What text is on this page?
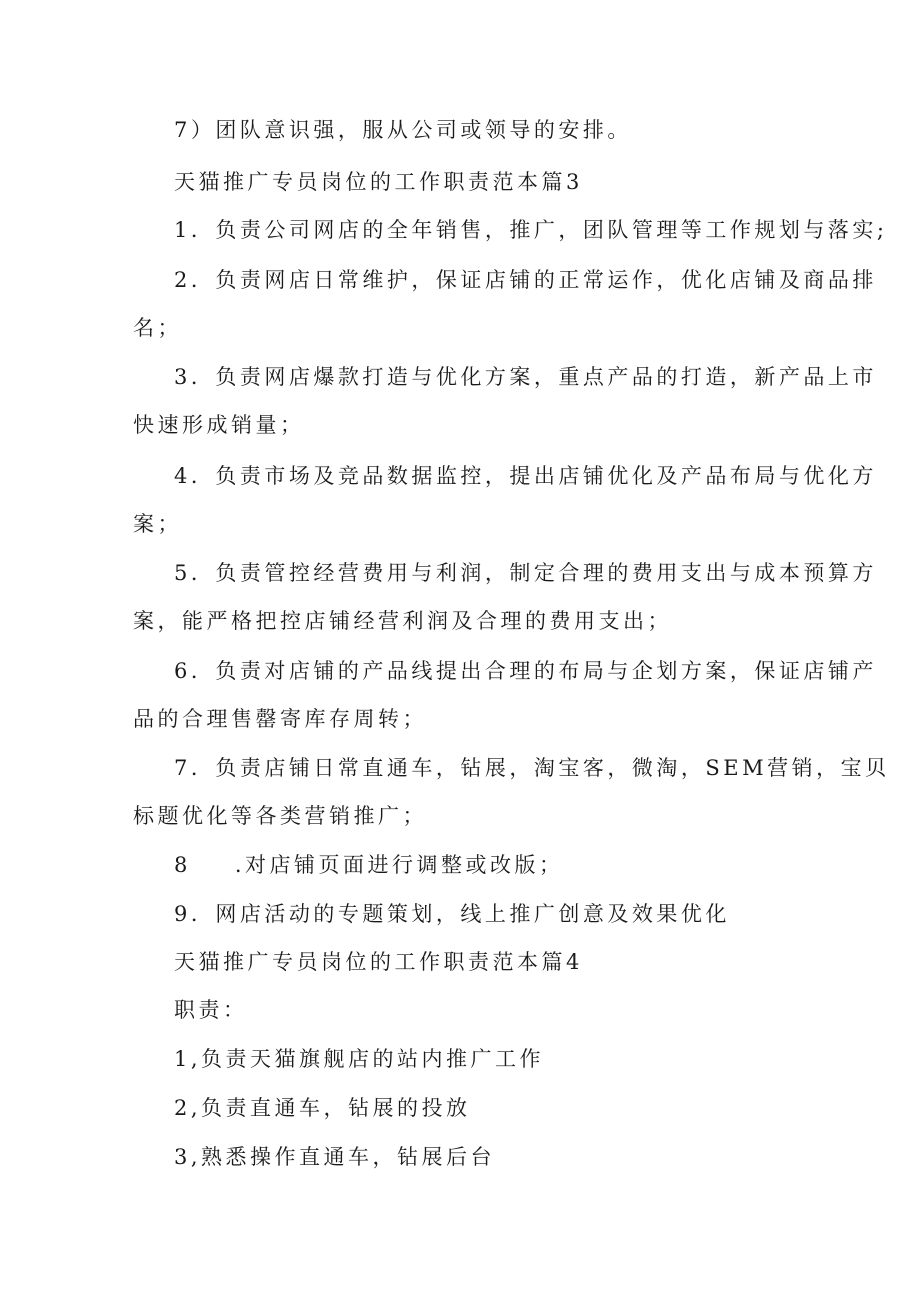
7）团队意识强，服从公司或领导的安排。
天猫推广专员岗位的工作职责范本篇3
1．负责公司网店的全年销售，推广，团队管理等工作规划与落实;
2．负责网店日常维护，保证店铺的正常运作，优化店铺及商品排
名；
3．负责网店爆款打造与优化方案，重点产品的打造，新产品上市
快速形成销量；
4．负责市场及竞品数据监控，提出店铺优化及产品布局与优化方
案；
5．负责管控经营费用与利润，制定合理的费用支出与成本预算方
案，能严格把控店铺经营利润及合理的费用支出；
6．负责对店铺的产品线提出合理的布局与企划方案，保证店铺产
品的合理售罄寄库存周转；
7．负责店铺日常直通车，钻展，淘宝客，微淘，SEM营销，宝贝
标题优化等各类营销推广；
8 .对店铺页面进行调整或改版；
9．网店活动的专题策划，线上推广创意及效果优化
天猫推广专员岗位的工作职责范本篇4
职责：
1,负责天猫旗舰店的站内推广工作
2,负责直通车，钻展的投放
3,熟悉操作直通车，钻展后台
